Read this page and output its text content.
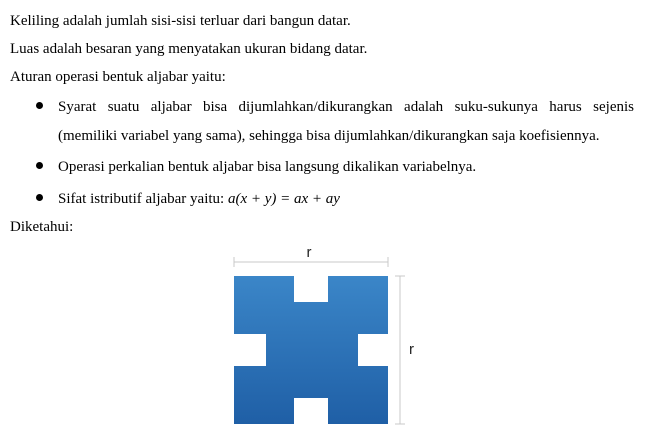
Keliling adalah jumlah sisi-sisi terluar dari bangun datar.
Luas adalah besaran yang menyatakan ukuran bidang datar.
Aturan operasi bentuk aljabar yaitu:
Syarat suatu aljabar bisa dijumlahkan/dikurangkan adalah suku-sukunya harus sejenis
(memiliki variabel yang sama), sehingga bisa dijumlahkan/dikurangkan saja koefisiennya.
Operasi perkalian bentuk aljabar bisa langsung dikalikan variabelnya.
Sifat istributif aljabar yaitu: a(x + y) = ax + ay
Diketahui:
r
r
